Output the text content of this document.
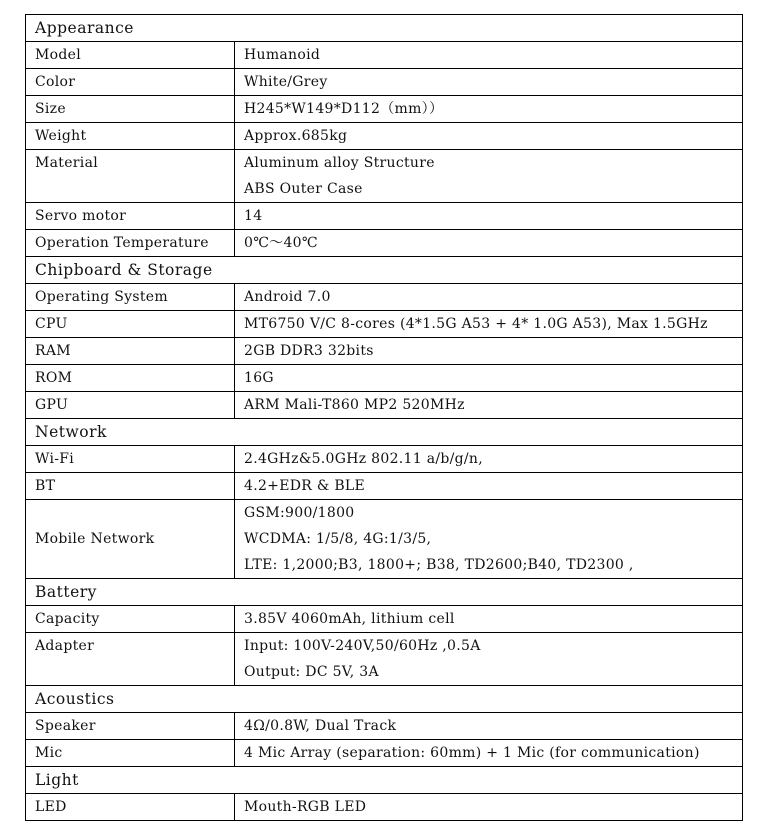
Appearance	
Model	Humanoid
Color	White/Grey
Size	H245*W149*D112（mm））
Weight	Approx.685kg
Material	Aluminum alloy Structure
ABS Outer Case

Servo motor	14
Operation Temperature	0℃～40℃
Chipboard & Storage	
Operating System	Android 7.0
CPU	MT6750 V/C 8-cores (4*1.5G A53 + 4* 1.0G A53), Max 1.5GHz
RAM	2GB DDR3 32bits
ROM	16G
GPU	ARM Mali-T860 MP2 520MHz
Network	
Wi-Fi	2.4GHz&5.0GHz 802.11 a/b/g/n,
BT	4.2+EDR & BLE
Mobile Network	GSM:900/1800
WCDMA: 1/5/8, 4G:1/3/5,
LTE: 1,2000;B3, 1800+; B38, TD2600;B40, TD2300 ,

Battery	
Capacity	3.85V 4060mAh, lithium cell
Adapter	Input: 100V-240V,50/60Hz ,0.5A
Output: DC 5V, 3A

Acoustics	
Speaker	4Ω/0.8W, Dual Track
Mic	4 Mic Array (separation: 60mm) + 1 Mic (for communication)
Light	
LED	Mouth-RGB LED
